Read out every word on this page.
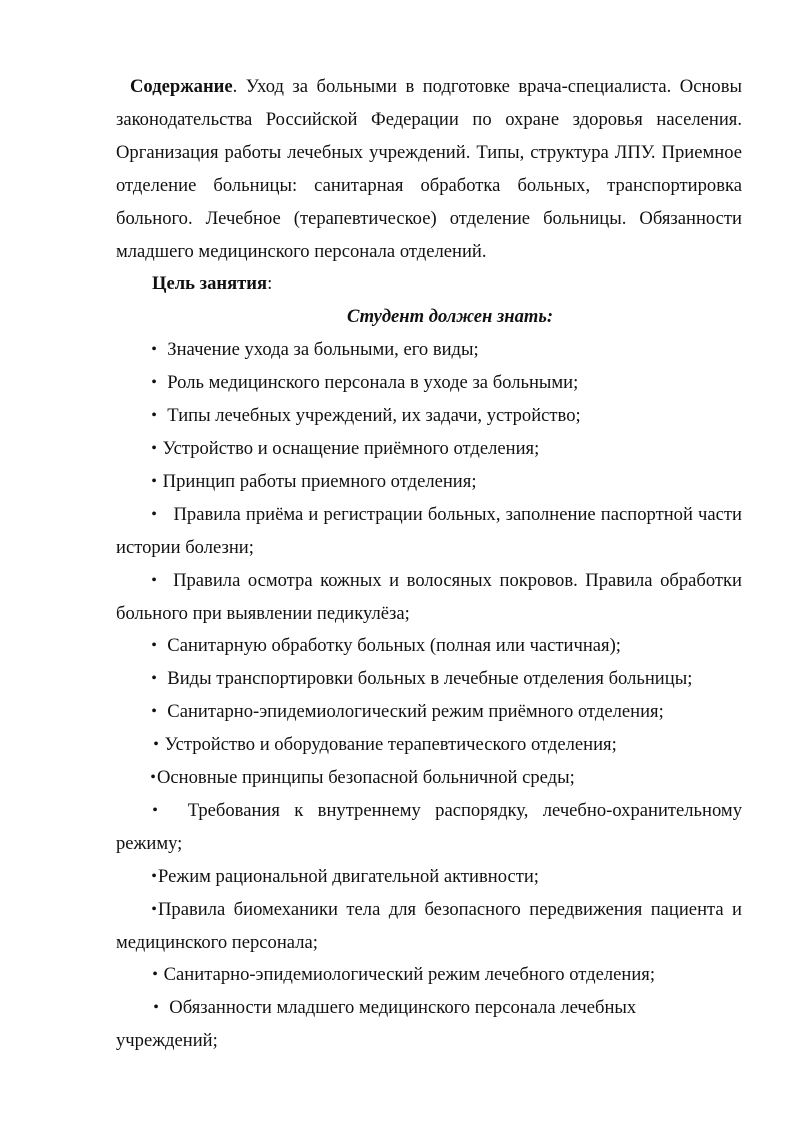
Содержание. Уход за больными в подготовке врача-специалиста. Основы законодательства Российской Федерации по охране здоровья населения. Организация работы лечебных учреждений. Типы, структура ЛПУ. Приемное отделение больницы: санитарная обработка больных, транспортировка больного. Лечебное (терапевтическое) отделение больницы. Обязанности младшего медицинского персонала отделений.

Цель занятия:

Студент должен знать:

• Значение ухода за больными, его виды;
• Роль медицинского персонала в уходе за больными;
• Типы лечебных учреждений, их задачи, устройство;
• Устройство и оснащение приёмного отделения;
• Принцип работы приемного отделения;
• Правила приёма и регистрации больных, заполнение паспортной части истории болезни;
• Правила осмотра кожных и волосяных покровов. Правила обработки больного при выявлении педикулёза;
• Санитарную обработку больных (полная или частичная);
• Виды транспортировки больных в лечебные отделения больницы;
• Санитарно-эпидемиологический режим приёмного отделения;
• Устройство и оборудование терапевтического отделения;
•Основные принципы безопасной больничной среды;
• Требования к внутреннему распорядку, лечебно-охранительному режиму;
•Режим рациональной двигательной активности;
•Правила биомеханики тела для безопасного передвижения пациента и медицинского персонала;
• Санитарно-эпидемиологический режим лечебного отделения;
• Обязанности младшего медицинского персонала лечебных учреждений;
